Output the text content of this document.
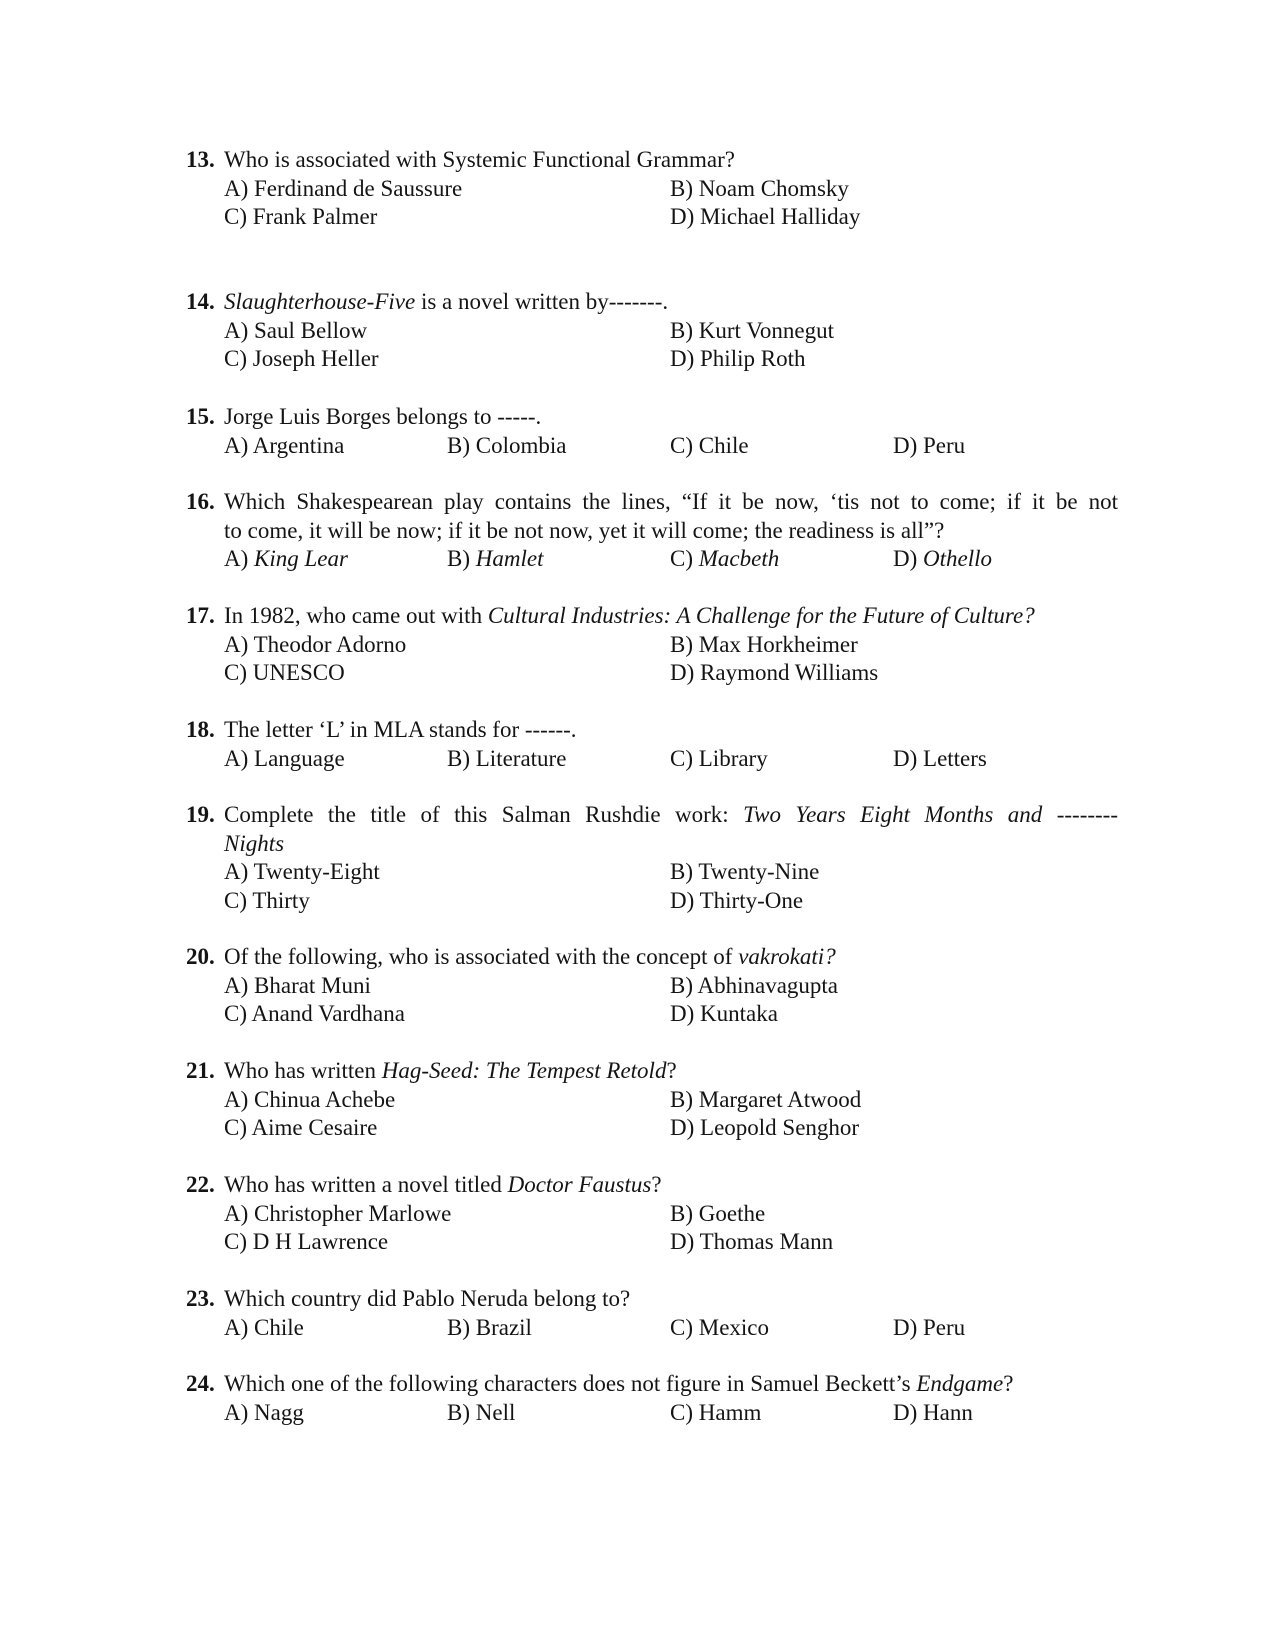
13. Who is associated with Systemic Functional Grammar?
A) Ferdinand de Saussure	B) Noam Chomsky
C) Frank Palmer	D) Michael Halliday
14. Slaughterhouse-Five is a novel written by-------.
A) Saul Bellow	B) Kurt Vonnegut
C) Joseph Heller	D) Philip Roth
15. Jorge Luis Borges belongs to -----.
A) Argentina	B) Colombia	C) Chile	D) Peru
16. Which Shakespearean play contains the lines, “If it be now, ‘tis not to come; if it be not
to come, it will be now; if it be not now, yet it will come; the readiness is all”?
A) King Lear	B) Hamlet	C) Macbeth	D) Othello
17. In 1982, who came out with Cultural Industries: A Challenge for the Future of Culture?
A) Theodor Adorno	B) Max Horkheimer
C) UNESCO	D) Raymond Williams
18. The letter ‘L’ in MLA stands for ------.
A) Language	B) Literature	C) Library	D) Letters
19. Complete the title of this Salman Rushdie work: Two Years Eight Months and --------
Nights
A) Twenty-Eight	B) Twenty-Nine
C) Thirty	D) Thirty-One
20. Of the following, who is associated with the concept of vakrokati?
A) Bharat Muni	B) Abhinavagupta
C) Anand Vardhana	D) Kuntaka
21. Who has written Hag-Seed: The Tempest Retold?
A) Chinua Achebe	B) Margaret Atwood
C) Aime Cesaire	D) Leopold Senghor
22. Who has written a novel titled Doctor Faustus?
A) Christopher Marlowe	B) Goethe
C) D H Lawrence	D) Thomas Mann
23. Which country did Pablo Neruda belong to?
A) Chile	B) Brazil	C) Mexico	D) Peru
24. Which one of the following characters does not figure in Samuel Beckett’s Endgame?
A) Nagg	B) Nell	C) Hamm	D) Hann
